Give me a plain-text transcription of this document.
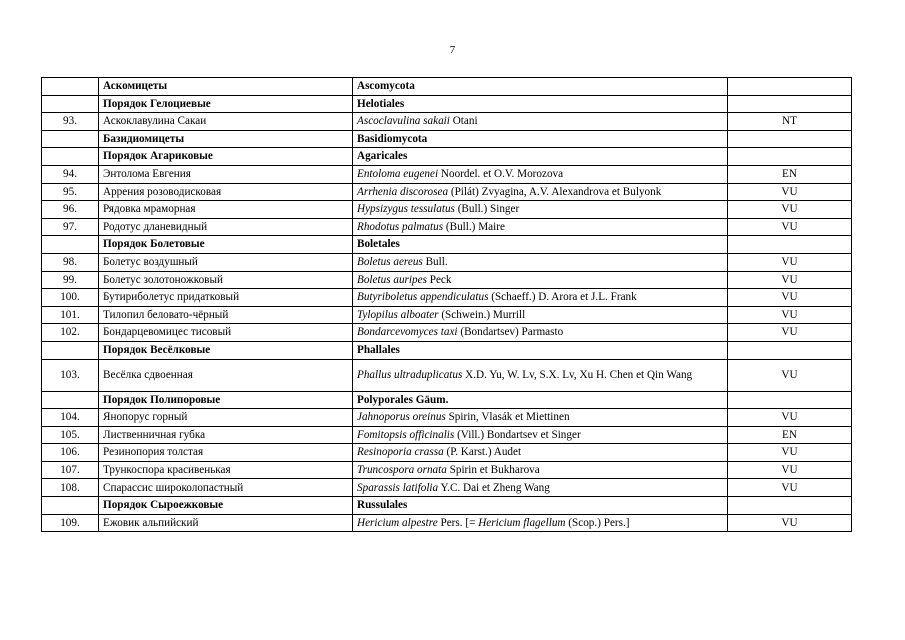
7
	Аскомицеты	Ascomycota	
	Порядок Гелоциевые	Helotiales	
93.	Аскоклавулина Сакаи	Ascoclavulina sakaii Otani	NT
	Базидиомицеты	Basidiomycota	
	Порядок Агариковые	Agaricales	
94.	Энтолома Евгения	Entoloma eugenei Noordel. et O.V. Morozova	EN
95.	Аррения розоводисковая	Arrhenia discorosea (Pilát) Zvyagina, A.V. Alexandrova et Bulyonk	VU
96.	Рядовка мраморная	Hypsizygus tessulatus (Bull.) Singer	VU
97.	Родотус дланевидный	Rhodotus palmatus (Bull.) Maire	VU
	Порядок Болетовые	Boletales	
98.	Болетус воздушный	Boletus aereus Bull.	VU
99.	Болетус золотоножковый	Boletus auripes Peck	VU
100.	Бутириболетус придатковый	Butyriboletus appendiculatus (Schaeff.) D. Arora et J.L. Frank	VU
101.	Тилопил беловато-чёрный	Tylopilus alboater (Schwein.) Murrill	VU
102.	Бондарцевомицес тисовый	Bondarcevomyces taxi (Bondartsev) Parmasto	VU
	Порядок Весёлковые	Phallales	
103.	Весёлка сдвоенная	Phallus ultraduplicatus X.D. Yu, W. Lv, S.X. Lv, Xu H. Chen et Qin Wang	VU
	Порядок Полипоровые	Polyporales Gäum.	
104.	Янопорус горный	Jahnoporus oreinus Spirin, Vlasák et Miettinen	VU
105.	Лиственничная губка	Fomitopsis officinalis (Vill.) Bondartsev et Singer	EN
106.	Резинопория толстая	Resinoporia crassa (P. Karst.) Audet	VU
107.	Трункоспора красивенькая	Truncospora ornata Spirin et Bukharova	VU
108.	Спарассис широколопастный	Sparassis latifolia Y.C. Dai et Zheng Wang	VU
	Порядок Сыроежковые	Russulales	
109.	Ежовик альпийский	Hericium alpestre Pers. [= Hericium flagellum (Scop.) Pers.]	VU
